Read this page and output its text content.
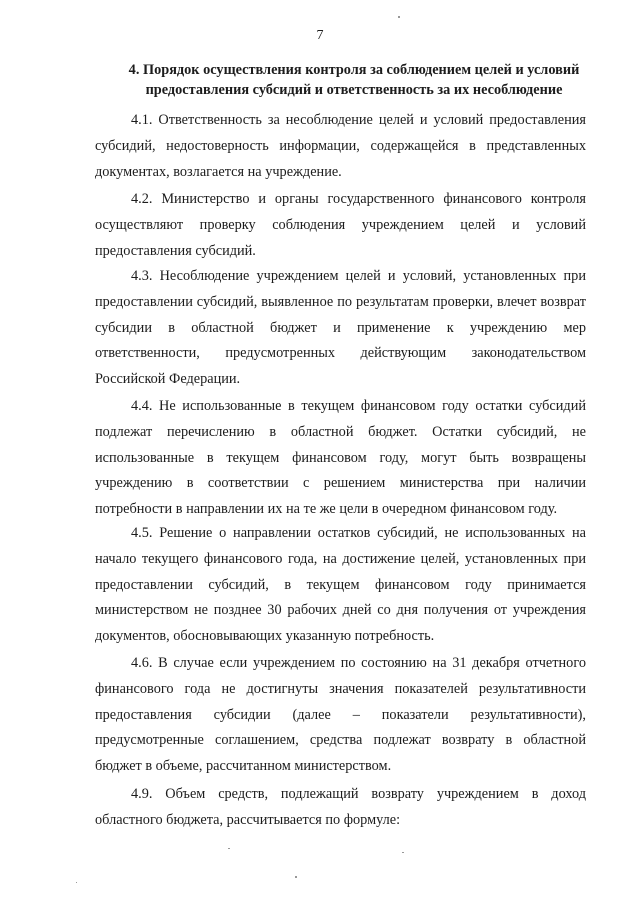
7
4. Порядок осуществления контроля за соблюдением целей и условий предоставления субсидий и ответственность за их несоблюдение

4.1. Ответственность за несоблюдение целей и условий предоставления субсидий, недостоверность информации, содержащейся в представленных документах, возлагается на учреждение.

4.2. Министерство и органы государственного финансового контроля осуществляют проверку соблюдения учреждением целей и условий предоставления субсидий.

4.3. Несоблюдение учреждением целей и условий, установленных при предоставлении субсидий, выявленное по результатам проверки, влечет возврат субсидии в областной бюджет и применение к учреждению мер ответственности, предусмотренных действующим законодательством Российской Федерации.

4.4. Не использованные в текущем финансовом году остатки субсидий подлежат перечислению в областной бюджет. Остатки субсидий, не использованные в текущем финансовом году, могут быть возвращены учреждению в соответствии с решением министерства при наличии потребности в направлении их на те же цели в очередном финансовом году.

4.5. Решение о направлении остатков субсидий, не использованных на начало текущего финансового года, на достижение целей, установленных при предоставлении субсидий, в текущем финансовом году принимается министерством не позднее 30 рабочих дней со дня получения от учреждения документов, обосновывающих указанную потребность.

4.6. В случае если учреждением по состоянию на 31 декабря отчетного финансового года не достигнуты значения показателей результативности предоставления субсидии (далее – показатели результативности), предусмотренные соглашением, средства подлежат возврату в областной бюджет в объеме, рассчитанном министерством.

4.9. Объем средств, подлежащий возврату учреждением в доход областного бюджета, рассчитывается по формуле:
